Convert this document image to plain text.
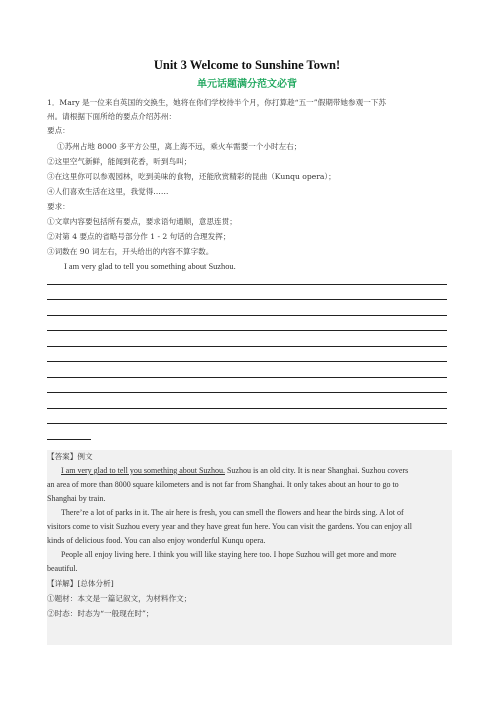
Unit 3 Welcome to Sunshine Town!
单元话题满分范文必背
1．Mary 是一位来自英国的交换生，她将在你们学校待半个月，你打算趁“五一”假期带她参观一下苏
州。请根据下面所给的要点介绍苏州：
要点：
①苏州占地 8000 多平方公里，离上海不远，乘火车需要一个小时左右；
②这里空气新鲜，能闻到花香，听到鸟叫；
③在这里你可以参观园林，吃到美味的食物，还能欣赏精彩的昆曲（Kunqu opera）；
④人们喜欢生活在这里，我觉得……
要求：
①文章内容要包括所有要点，要求语句通顺，意思连贯；
②对第 4 要点的省略号部分作 1 - 2 句话的合理发挥；
③词数在 90 词左右，开头给出的内容不算字数。
I am very glad to tell you something about Suzhou.
【答案】例文
I am very glad to tell you something about Suzhou. Suzhou is an old city. It is near Shanghai. Suzhou covers
an area of more than 8000 square kilometers and is not far from Shanghai. It only takes about an hour to go to
Shanghai by train.
There’re a lot of parks in it. The air here is fresh, you can smell the flowers and hear the birds sing. A lot of
visitors come to visit Suzhou every year and they have great fun here. You can visit the gardens. You can enjoy all
kinds of delicious food. You can also enjoy wonderful Kunqu opera.
People all enjoy living here. I think you will like staying here too. I hope Suzhou will get more and more
beautiful.
【详解】[总体分析]
①题材：本文是一篇记叙文，为材料作文；
②时态：时态为“一般现在时”；
